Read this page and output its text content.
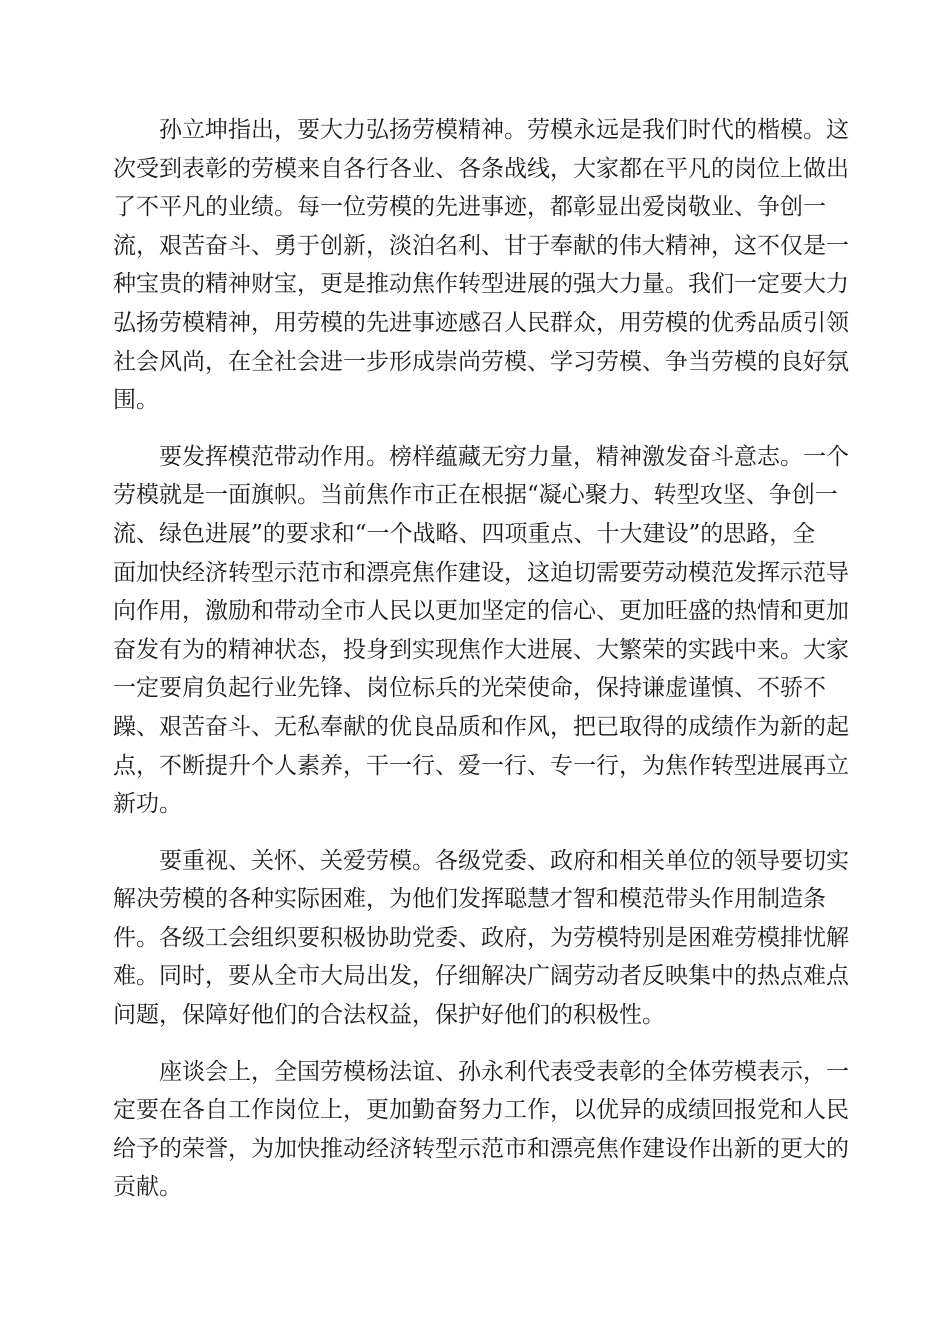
　　孙立坤指出，要大力弘扬劳模精神。劳模永远是我们时代的楷模。这
次受到表彰的劳模来自各行各业、各条战线，大家都在平凡的岗位上做出
了不平凡的业绩。每一位劳模的先进事迹，都彰显出爱岗敬业、争创一
流，艰苦奋斗、勇于创新，淡泊名利、甘于奉献的伟大精神，这不仅是一
种宝贵的精神财宝，更是推动焦作转型进展的强大力量。我们一定要大力
弘扬劳模精神，用劳模的先进事迹感召人民群众，用劳模的优秀品质引领
社会风尚，在全社会进一步形成崇尚劳模、学习劳模、争当劳模的良好氛
围。

　　要发挥模范带动作用。榜样蕴藏无穷力量，精神激发奋斗意志。一个
劳模就是一面旗帜。当前焦作市正在根据“凝心聚力、转型攻坚、争创一
流、绿色进展”的要求和“一个战略、四项重点、十大建设”的思路，全
面加快经济转型示范市和漂亮焦作建设，这迫切需要劳动模范发挥示范导
向作用，激励和带动全市人民以更加坚定的信心、更加旺盛的热情和更加
奋发有为的精神状态，投身到实现焦作大进展、大繁荣的实践中来。大家
一定要肩负起行业先锋、岗位标兵的光荣使命，保持谦虚谨慎、不骄不
躁、艰苦奋斗、无私奉献的优良品质和作风，把已取得的成绩作为新的起
点，不断提升个人素养，干一行、爱一行、专一行，为焦作转型进展再立
新功。

　　要重视、关怀、关爱劳模。各级党委、政府和相关单位的领导要切实
解决劳模的各种实际困难，为他们发挥聪慧才智和模范带头作用制造条
件。各级工会组织要积极协助党委、政府，为劳模特别是困难劳模排忧解
难。同时，要从全市大局出发，仔细解决广阔劳动者反映集中的热点难点
问题，保障好他们的合法权益，保护好他们的积极性。

　　座谈会上，全国劳模杨法谊、孙永利代表受表彰的全体劳模表示，一
定要在各自工作岗位上，更加勤奋努力工作，以优异的成绩回报党和人民
给予的荣誉，为加快推动经济转型示范市和漂亮焦作建设作出新的更大的
贡献。
